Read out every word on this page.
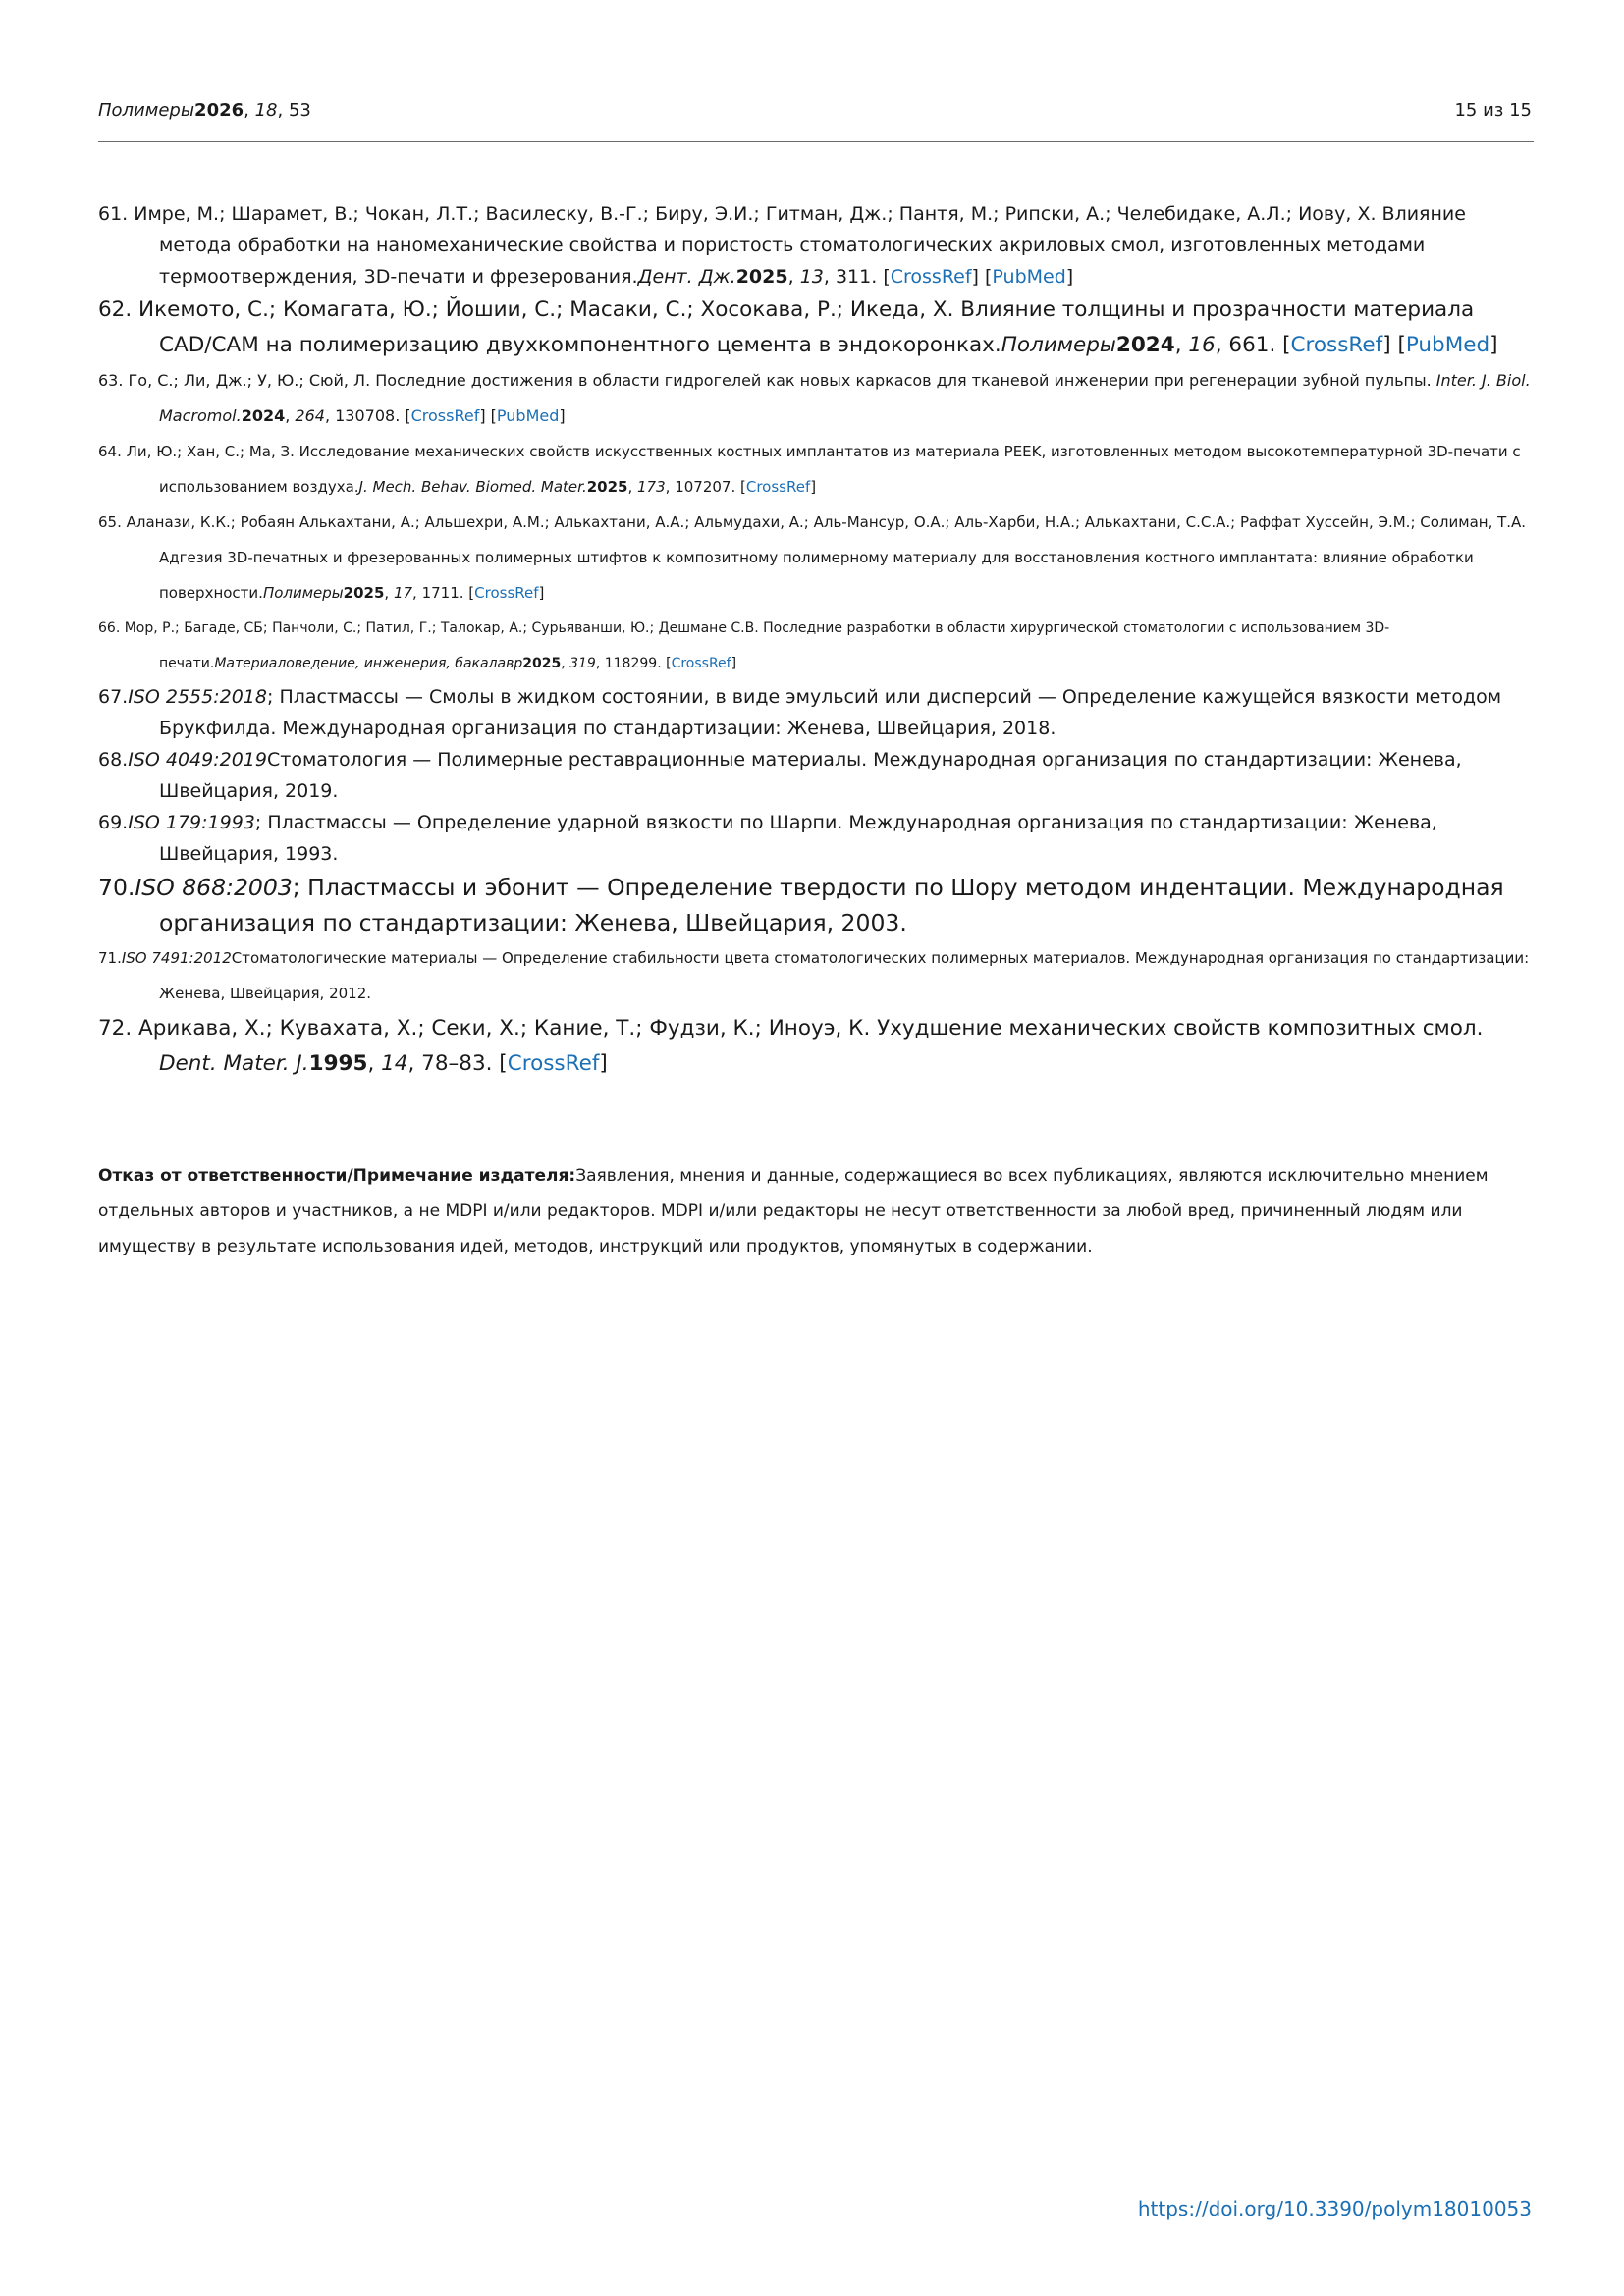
Полимеры2026, 18, 53	15 из 15
61. Имре, М.; Шарамет, В.; Чокан, Л.Т.; Василеску, В.-Г.; Биру, Э.И.; Гитман, Дж.; Пантя, М.; Рипски, А.; Челебидаке, А.Л.; Иову, Х. Влияние метода обработки на наномеханические свойства и пористость стоматологических акриловых смол, изготовленных методами термоотверждения, 3D-печати и фрезерования.Дент. Дж.2025, 13, 311. [CrossRef] [PubMed]
62. Икемото, С.; Комагата, Ю.; Йошии, С.; Масаки, С.; Хосокава, Р.; Икеда, Х. Влияние толщины и прозрачности материала CAD/CAM на полимеризацию двухкомпонентного цемента в эндокоронках.Полимеры2024, 16, 661. [CrossRef] [PubMed]
63. Го, С.; Ли, Дж.; У, Ю.; Сюй, Л. Последние достижения в области гидрогелей как новых каркасов для тканевой инженерии при регенерации зубной пульпы. Inter. J. Biol. Macromol.2024, 264, 130708. [CrossRef] [PubMed]
64. Ли, Ю.; Хан, С.; Ма, З. Исследование механических свойств искусственных костных имплантатов из материала PEEK, изготовленных методом высокотемпературной 3D-печати с использованием воздуха.J. Mech. Behav. Biomed. Mater.2025, 173, 107207. [CrossRef]
65. Аланази, К.К.; Робаян Алькахтани, А.; Альшехри, А.М.; Алькахтани, А.А.; Альмудахи, А.; Аль-Мансур, О.А.; Аль-Харби, Н.А.; Алькахтани, С.С.А.; Раффат Хуссейн, Э.М.; Солиман, Т.А. Адгезия 3D-печатных и фрезерованных полимерных штифтов к композитному полимерному материалу для восстановления костного имплантата: влияние обработки поверхности.Полимеры2025, 17, 1711. [CrossRef]
66. Мор, Р.; Багаде, СБ; Панчоли, С.; Патил, Г.; Талокар, А.; Сурьяванши, Ю.; Дешмане С.В. Последние разработки в области хирургической стоматологии с использованием 3D-печати.Материаловедение, инженерия, бакалавр2025, 319, 118299. [CrossRef]
67.ISO 2555:2018; Пластмассы — Смолы в жидком состоянии, в виде эмульсий или дисперсий — Определение кажущейся вязкости методом Брукфилда. Международная организация по стандартизации: Женева, Швейцария, 2018.
68.ISO 4049:2019Стоматология — Полимерные реставрационные материалы. Международная организация по стандартизации: Женева, Швейцария, 2019.
69.ISO 179:1993; Пластмассы — Определение ударной вязкости по Шарпи. Международная организация по стандартизации: Женева, Швейцария, 1993.
70.ISO 868:2003; Пластмассы и эбонит — Определение твердости по Шору методом индентации. Международная организация по стандартизации: Женева, Швейцария, 2003.
71.ISO 7491:2012Стоматологические материалы — Определение стабильности цвета стоматологических полимерных материалов. Международная организация по стандартизации: Женева, Швейцария, 2012.
72. Арикава, Х.; Кувахата, Х.; Секи, Х.; Кание, Т.; Фудзи, К.; Иноуэ, К. Ухудшение механических свойств композитных смол. Dent. Mater. J.1995, 14, 78–83. [CrossRef]
Отказ от ответственности/Примечание издателя:Заявления, мнения и данные, содержащиеся во всех публикациях, являются исключительно мнением отдельных авторов и участников, а не MDPI и/или редакторов. MDPI и/или редакторы не несут ответственности за любой вред, причиненный людям или имуществу в результате использования идей, методов, инструкций или продуктов, упомянутых в содержании.
https://doi.org/10.3390/polym18010053
